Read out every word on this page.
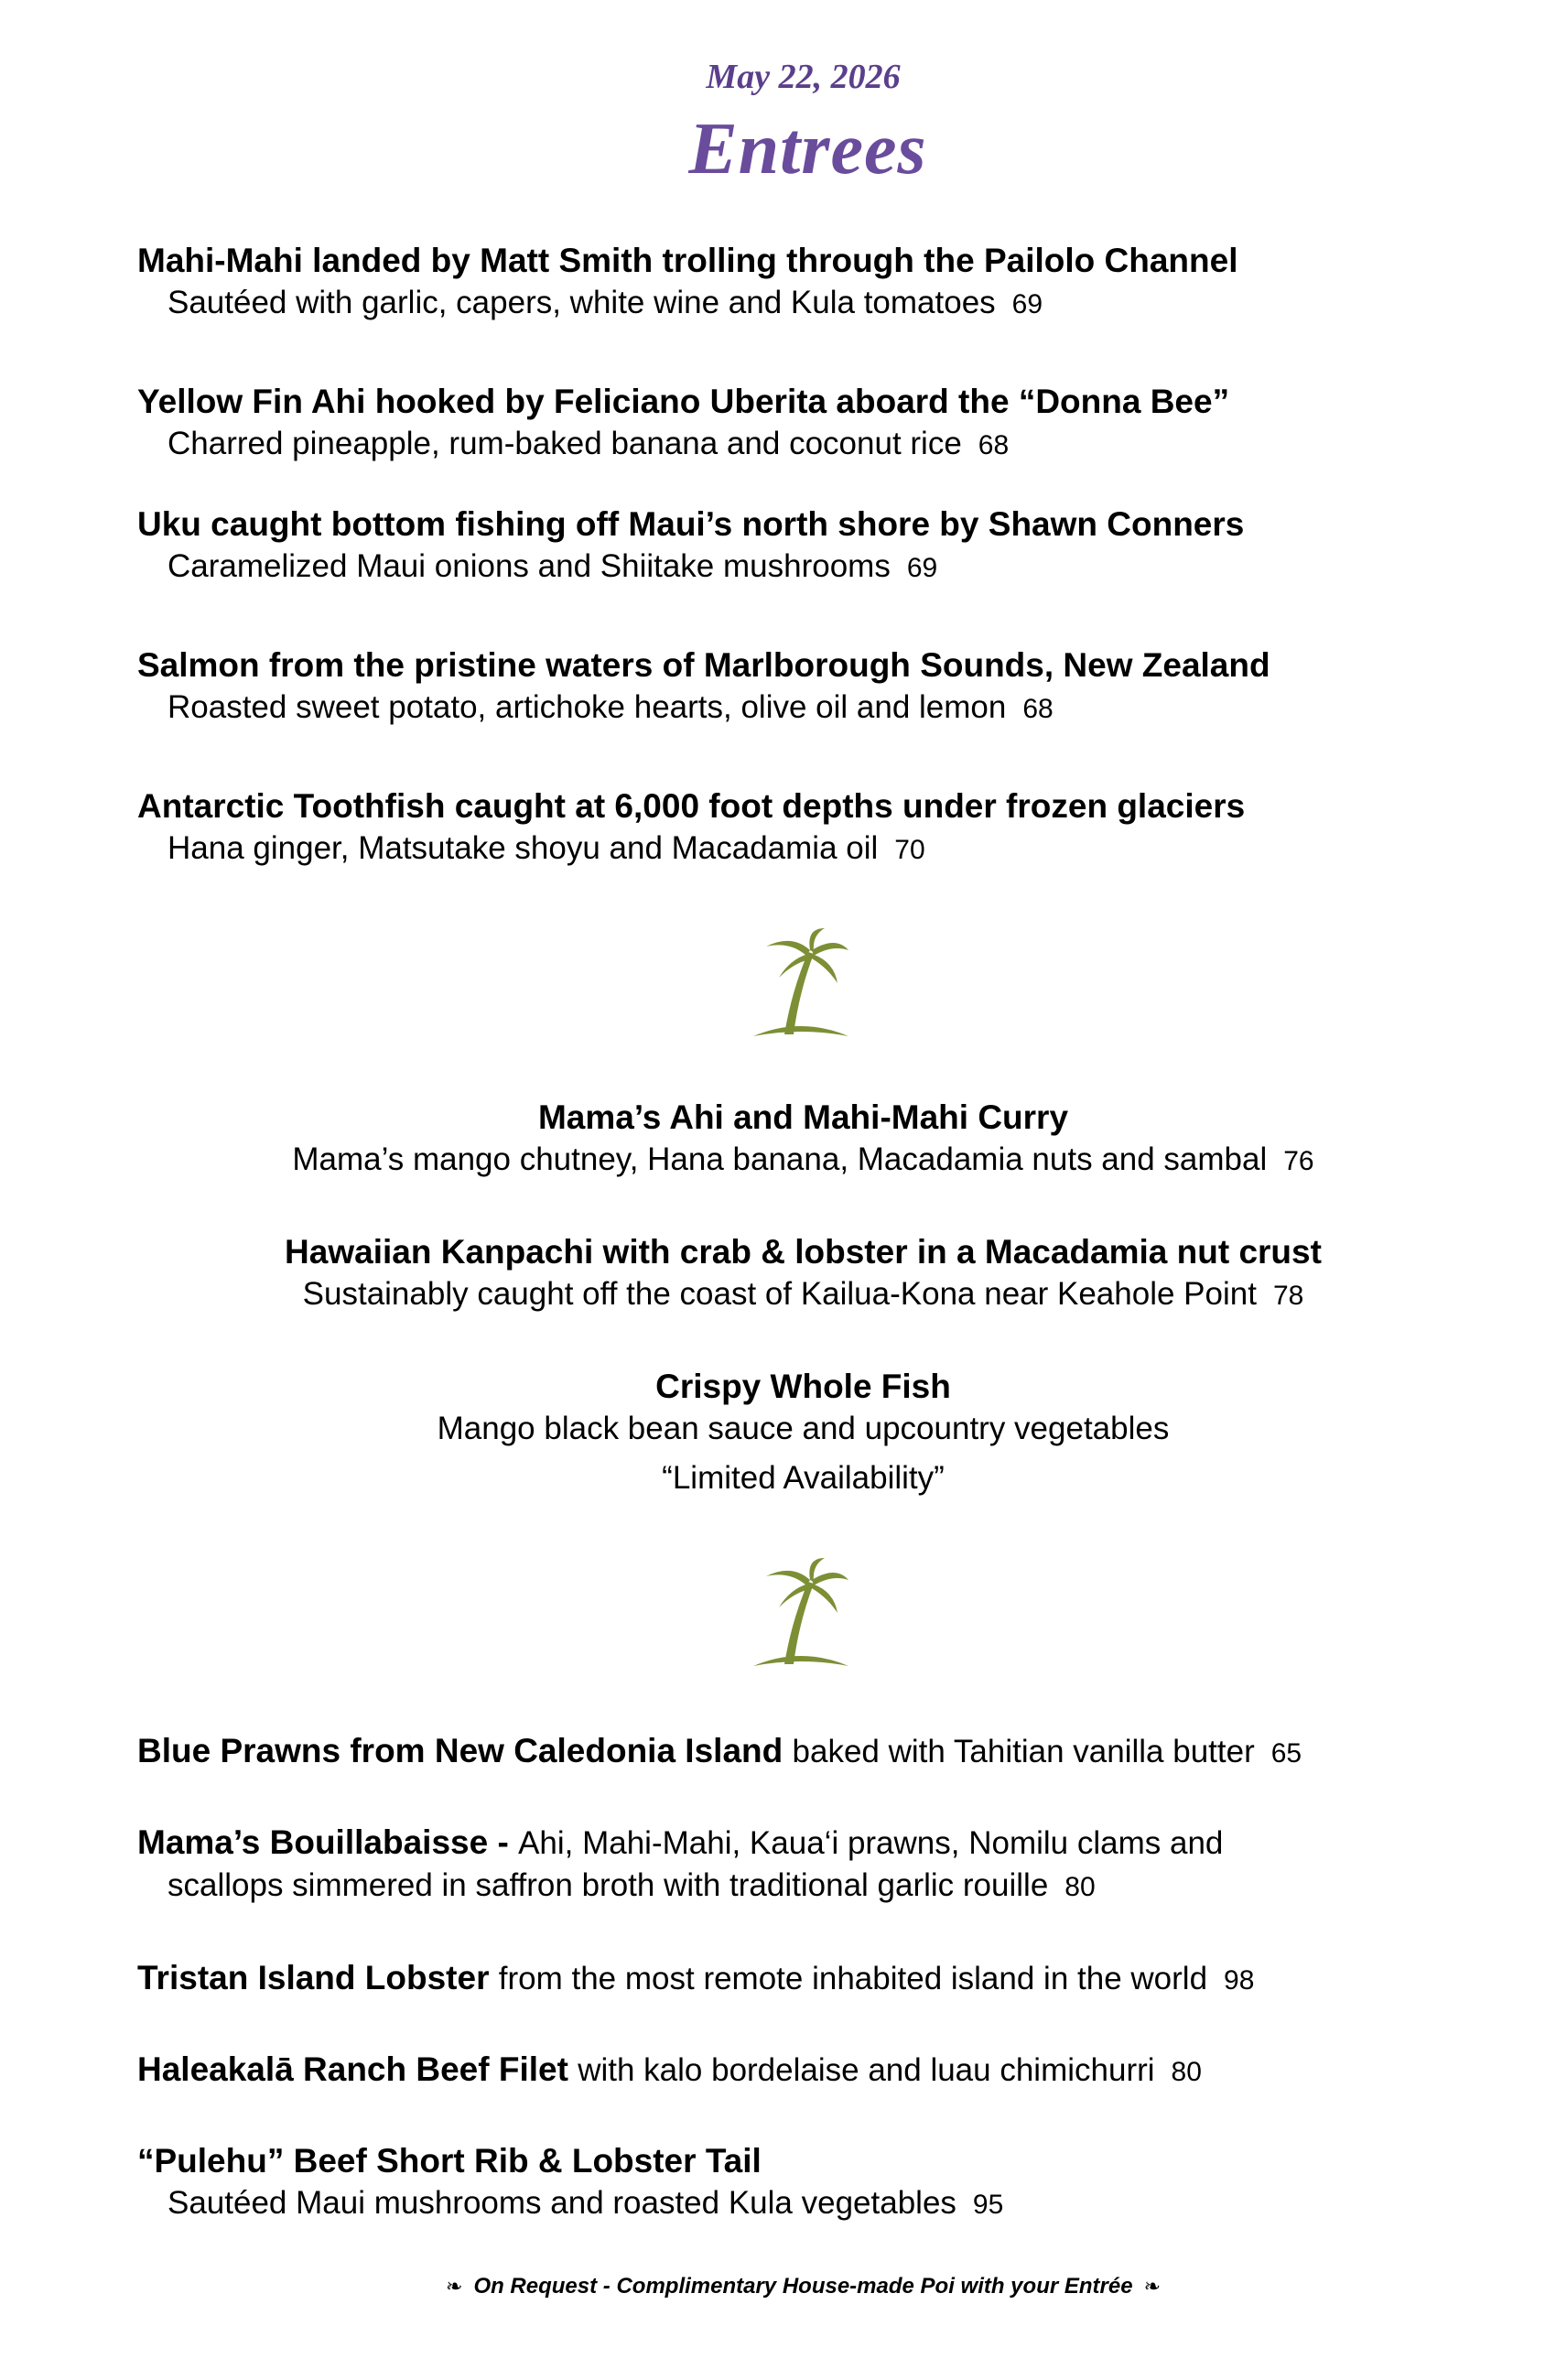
May 22, 2026
Entrees
Mahi-Mahi landed by Matt Smith trolling through the Pailolo Channel
Sautéed with garlic, capers, white wine and Kula tomatoes 69
Yellow Fin Ahi hooked by Feliciano Uberita aboard the “Donna Bee”
Charred pineapple, rum-baked banana and coconut rice 68
Uku caught bottom fishing off Maui’s north shore by Shawn Conners
Caramelized Maui onions and Shiitake mushrooms 69
Salmon from the pristine waters of Marlborough Sounds, New Zealand
Roasted sweet potato, artichoke hearts, olive oil and lemon 68
Antarctic Toothfish caught at 6,000 foot depths under frozen glaciers
Hana ginger, Matsutake shoyu and Macadamia oil 70
Mama’s Ahi and Mahi-Mahi Curry
Mama’s mango chutney, Hana banana, Macadamia nuts and sambal 76
Hawaiian Kanpachi with crab & lobster in a Macadamia nut crust
Sustainably caught off the coast of Kailua-Kona near Keahole Point 78
Crispy Whole Fish
Mango black bean sauce and upcountry vegetables
“Limited Availability”
Blue Prawns from New Caledonia Island baked with Tahitian vanilla butter 65
Mama’s Bouillabaisse - Ahi, Mahi-Mahi, Kaua‘i prawns, Nomilu clams and
scallops simmered in saffron broth with traditional garlic rouille 80
Tristan Island Lobster from the most remote inhabited island in the world 98
Haleakalā Ranch Beef Filet with kalo bordelaise and luau chimichurri 80
“Pulehu” Beef Short Rib & Lobster Tail
Sautéed Maui mushrooms and roasted Kula vegetables 95
❧ On Request - Complimentary House-made Poi with your Entrée ❧
